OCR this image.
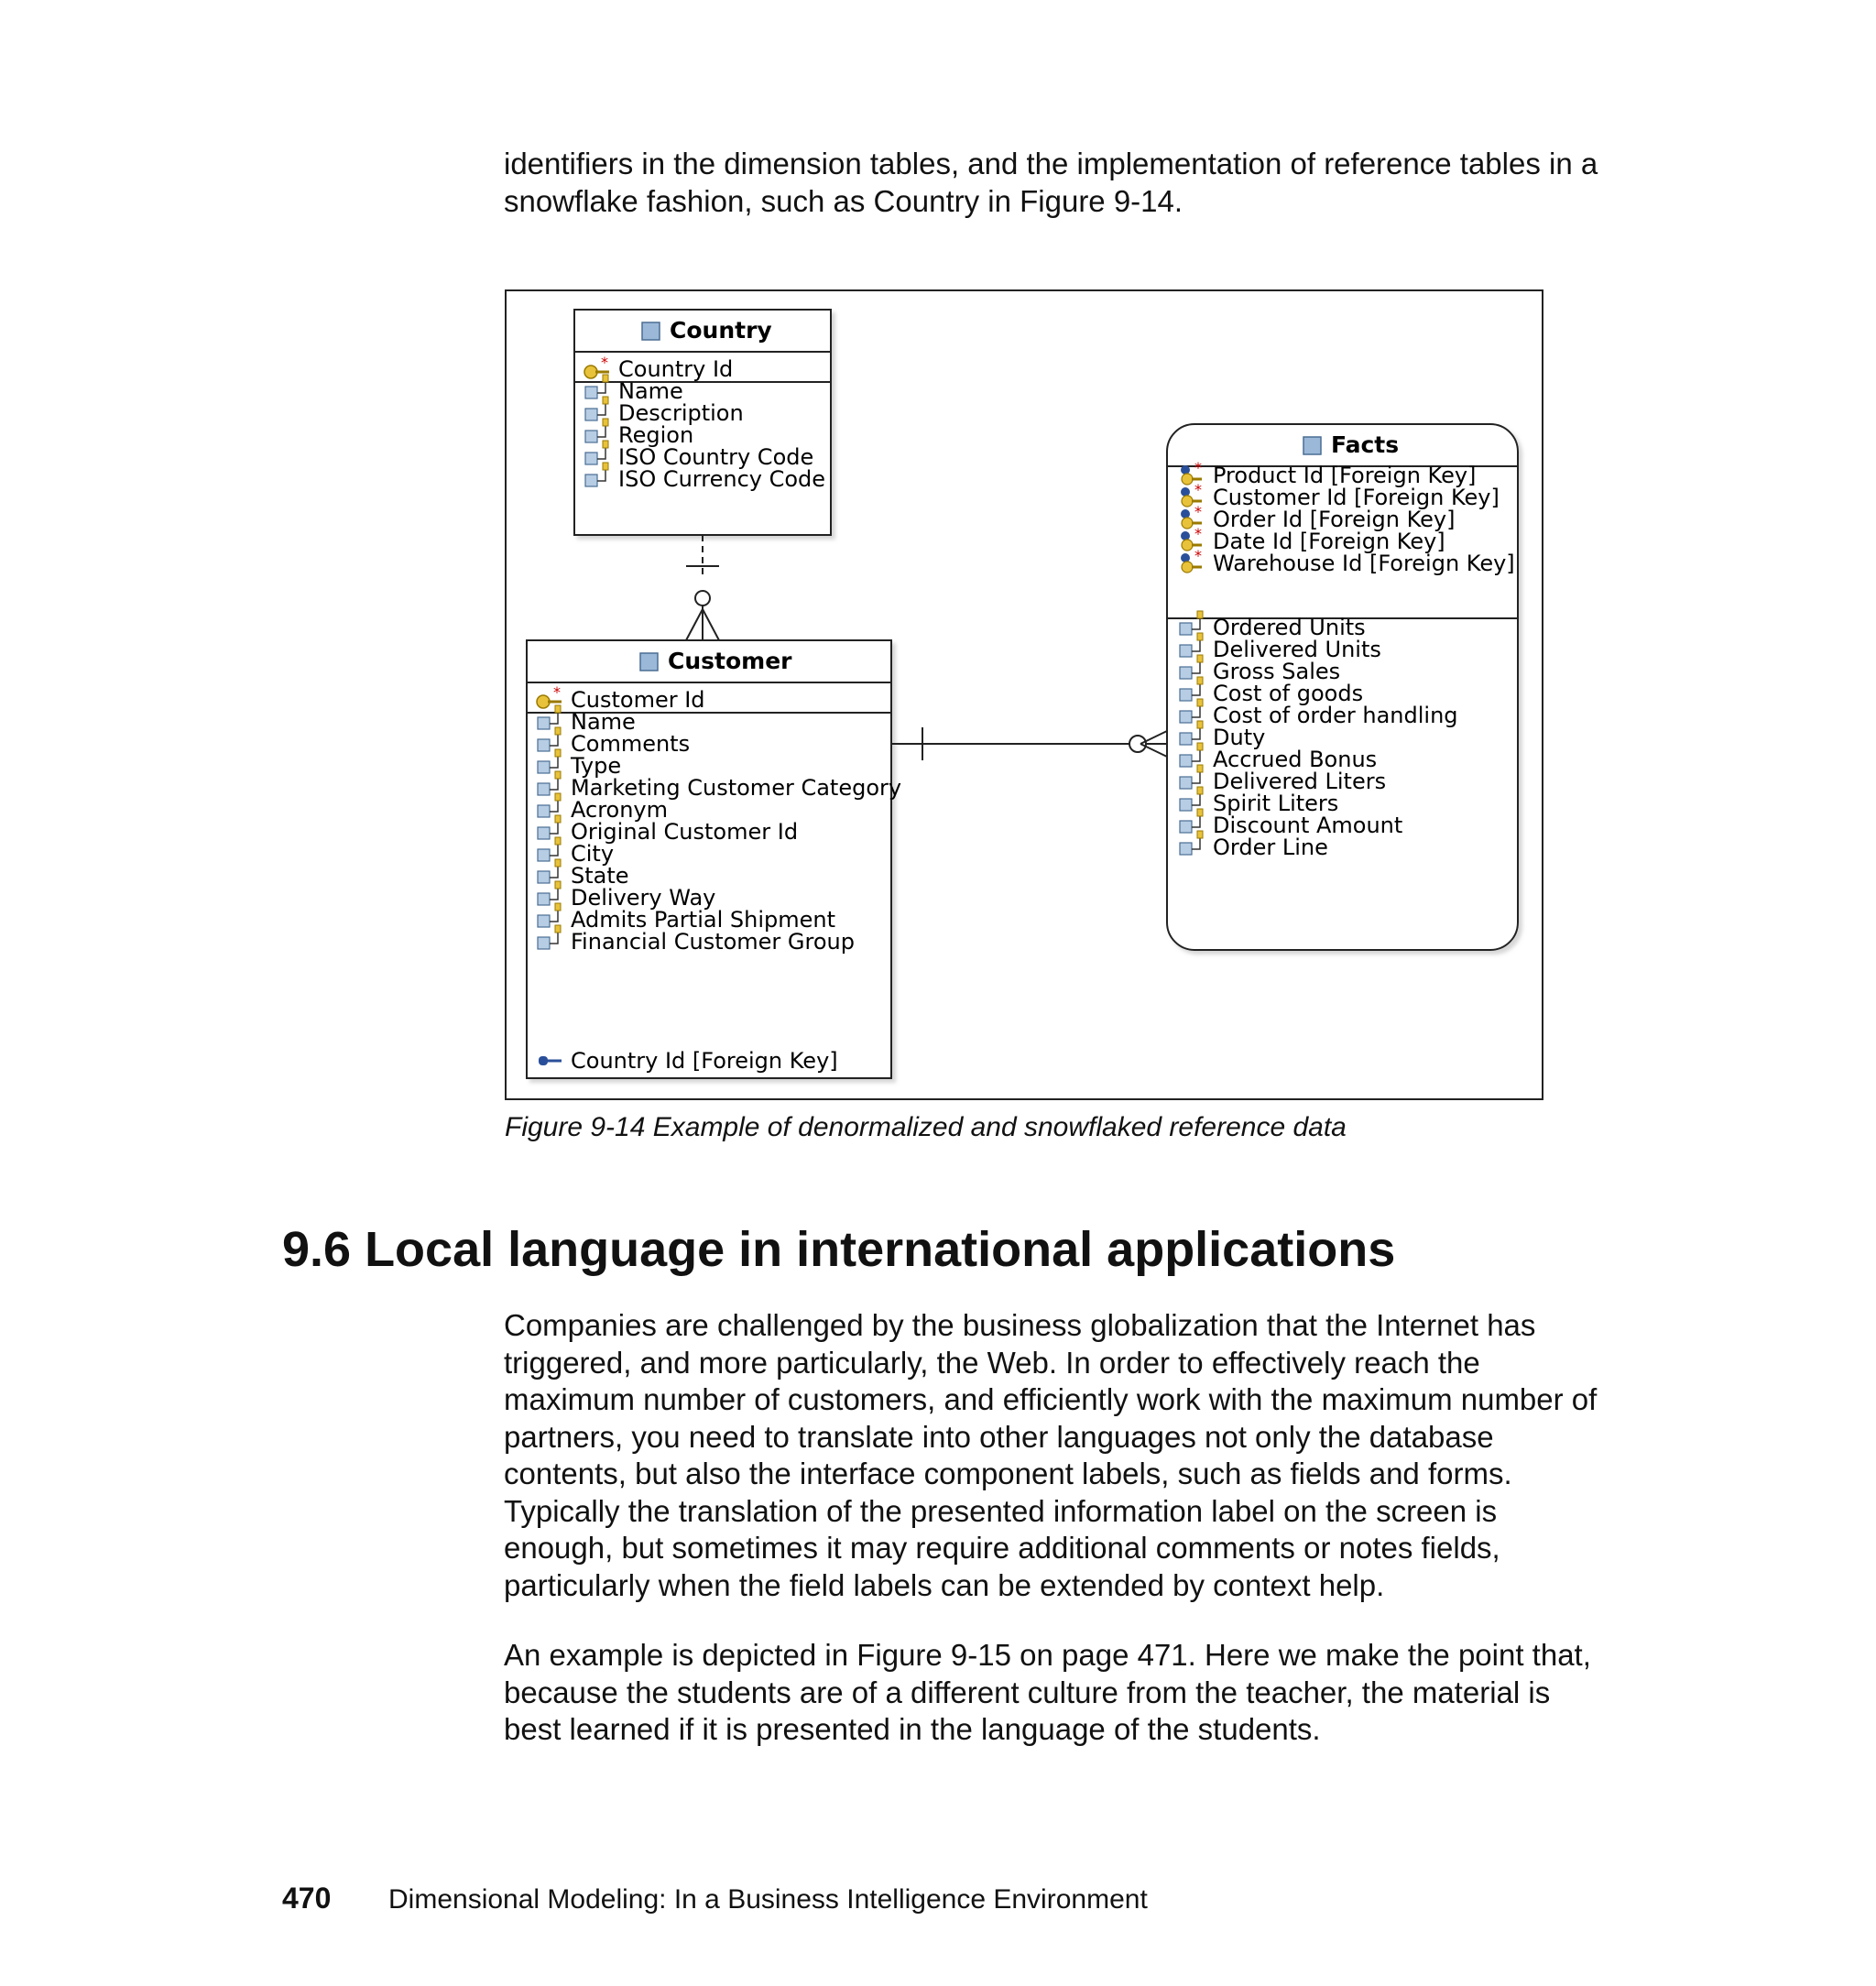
identifiers in the dimension tables, and the implementation of reference tables in a snowflake fashion, such as Country in Figure 9-14.

Country
* Country Id
Name
Description
Region
ISO Country Code
ISO Currency Code
Customer
* Customer Id
Name
Comments
Type
Marketing Customer Category
Acronym
Original Customer Id
City
State
Delivery Way
Admits Partial Shipment
Financial Customer Group
Country Id [Foreign Key]
Facts
* Product Id [Foreign Key]
* Customer Id [Foreign Key]
* Order Id [Foreign Key]
* Date Id [Foreign Key]
* Warehouse Id [Foreign Key]
Ordered Units
Delivered Units
Gross Sales
Cost of goods
Cost of order handling
Duty
Accrued Bonus
Delivered Liters
Spirit Liters
Discount Amount
Order Line
Figure 9-14 Example of denormalized and snowflaked reference data
9.6 Local language in international applications

Companies are challenged by the business globalization that the Internet has triggered, and more particularly, the Web. In order to effectively reach the maximum number of customers, and efficiently work with the maximum number of partners, you need to translate into other languages not only the database contents, but also the interface component labels, such as fields and forms. Typically the translation of the presented information label on the screen is enough, but sometimes it may require additional comments or notes fields, particularly when the field labels can be extended by context help.

An example is depicted in Figure 9-15 on page 471. Here we make the point that, because the students are of a different culture from the teacher, the material is best learned if it is presented in the language of the students.

470 Dimensional Modeling: In a Business Intelligence Environment
